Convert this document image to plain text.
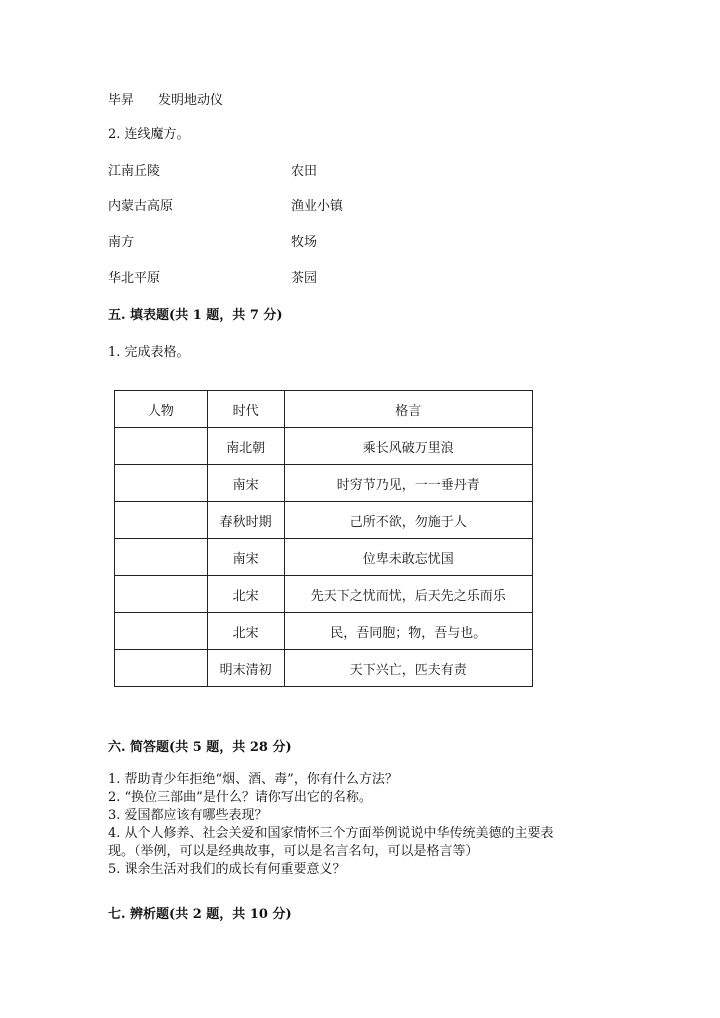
毕昇 发明地动仪
2. 连线魔方。
江南丘陵	农田
内蒙古高原	渔业小镇
南方	牧场
华北平原	茶园
五. 填表题(共 1 题，共 7 分)
1. 完成表格。
人物	时代	格言
	南北朝	乘长风破万里浪
	南宋	时穷节乃见，一一垂丹青
	春秋时期	己所不欲，勿施于人
	南宋	位卑未敢忘忧国
	北宋	先天下之忧而忧，后天先之乐而乐
	北宋	民，吾同胞；物，吾与也。
	明末清初	天下兴亡，匹夫有责
六. 简答题(共 5 题，共 28 分)
1. 帮助青少年拒绝“烟、酒、毒”，你有什么方法？
2. “换位三部曲”是什么？请你写出它的名称。
3. 爱国都应该有哪些表现？
4. 从个人修养、社会关爱和国家情怀三个方面举例说说中华传统美德的主要表
现。（举例，可以是经典故事，可以是名言名句，可以是格言等）
5. 课余生活对我们的成长有何重要意义？
七. 辨析题(共 2 题，共 10 分)
